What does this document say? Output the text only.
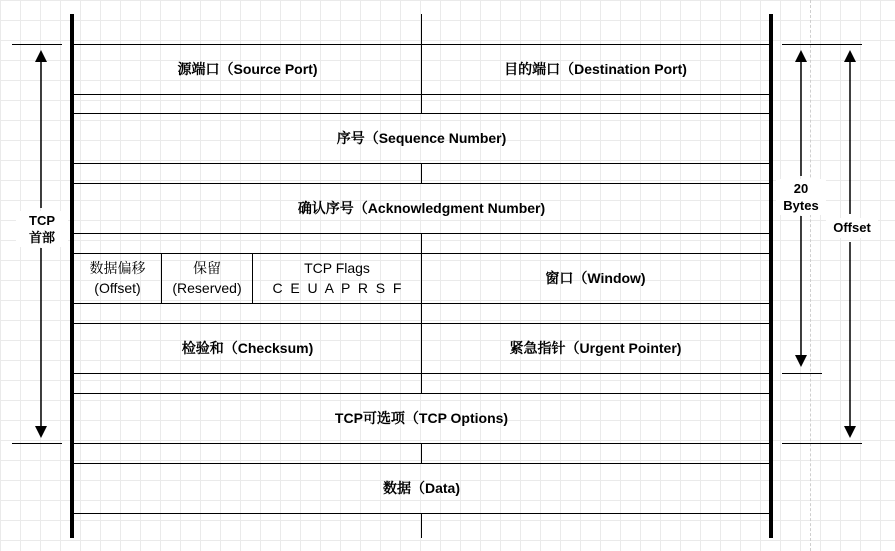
源端口（Source Port)	目的端口（Destination Port)
序号（Sequence Number)
确认序号（Acknowledgment Number)
数据偏移
(Offset)
保留
(Reserved)
TCP Flags
C  E  U  A  P  R  S  F
窗口（Window)
检验和（Checksum)	紧急指针（Urgent Pointer)
TCP可选项（TCP Options)
数据（Data)
TCP
首部
20
Bytes
Offset
